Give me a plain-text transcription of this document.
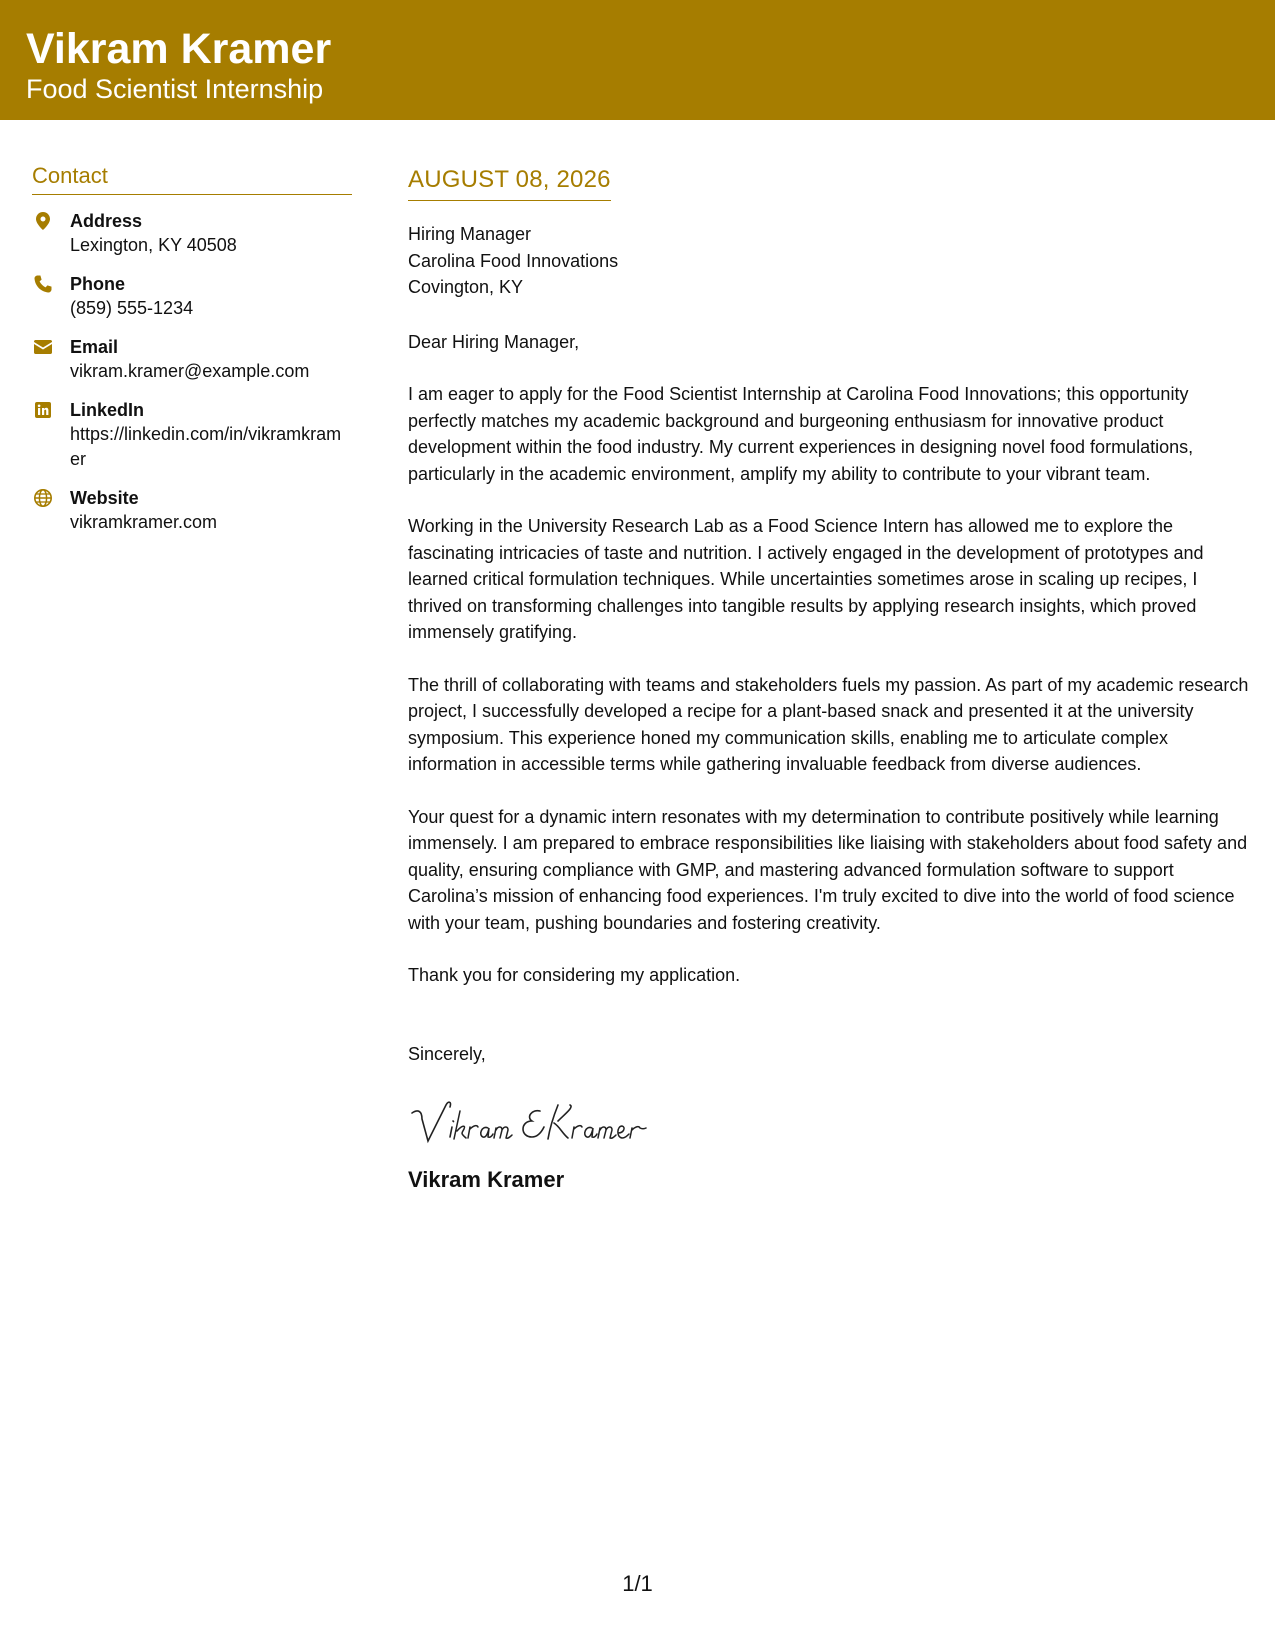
Vikram Kramer
Food Scientist Internship
Contact
Address
Lexington, KY 40508
Phone
(859) 555-1234
Email
vikram.kramer@example.com
LinkedIn
https://linkedin.com/in/vikramkramer
Website
vikramkramer.com
AUGUST 08, 2026
Hiring Manager
Carolina Food Innovations
Covington, KY
Dear Hiring Manager,
I am eager to apply for the Food Scientist Internship at Carolina Food Innovations; this opportunity perfectly matches my academic background and burgeoning enthusiasm for innovative product development within the food industry. My current experiences in designing novel food formulations, particularly in the academic environment, amplify my ability to contribute to your vibrant team.
Working in the University Research Lab as a Food Science Intern has allowed me to explore the fascinating intricacies of taste and nutrition. I actively engaged in the development of prototypes and learned critical formulation techniques. While uncertainties sometimes arose in scaling up recipes, I thrived on transforming challenges into tangible results by applying research insights, which proved immensely gratifying.
The thrill of collaborating with teams and stakeholders fuels my passion. As part of my academic research project, I successfully developed a recipe for a plant-based snack and presented it at the university symposium. This experience honed my communication skills, enabling me to articulate complex information in accessible terms while gathering invaluable feedback from diverse audiences.
Your quest for a dynamic intern resonates with my determination to contribute positively while learning immensely. I am prepared to embrace responsibilities like liaising with stakeholders about food safety and quality, ensuring compliance with GMP, and mastering advanced formulation software to support Carolina’s mission of enhancing food experiences. I'm truly excited to dive into the world of food science with your team, pushing boundaries and fostering creativity.
Thank you for considering my application.
Sincerely,
Vikram Kramer
1/1
